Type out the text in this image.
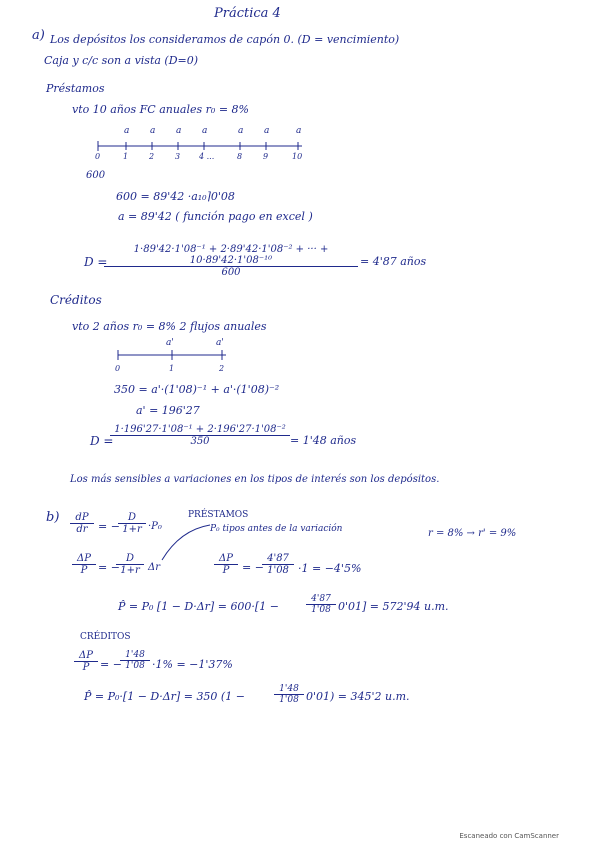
Práctica 4
a) Los depósitos los consideramos de capón 0. (D = vencimiento)
Caja y c/c son a vista (D=0)
Préstamos
vto 10 años FC anuales r₀ = 8%
a a a a	a a	a
0	1	2	3 4 ...	8	9	10
600
600 = 89'42 ·a₁₀⌉0'08
a = 89'42 ( función pago en excel )
D =
$\frac{\text{1·89'42·1'08⁻¹ + 2·89'42·1'08⁻² + ··· + 10·89'42·1'08⁻¹⁰}}{600} = 4'87$ años
Créditos
vto 2 años r₀ = 8% 2 flujos anuales
a'	a'
0	1	2
350 = a'·(1'08)⁻¹ + a'·(1'08)⁻²
a' = 196'27
D =
$\frac{\text{1·196'27·1'08⁻¹ + 2·196'27·1'08⁻²}}{350} = 1'48$ años
Los más sensibles a variaciones en los tipos de interés son los depósitos.
$b) \frac{dP}{dr}$ = −
$\frac{D}{1+r} \cdot P_0$
PRÉSTAMOS
P₀ tipos antes de la variación	r = 8% → r' = 9%
$\frac{\Delta P}{P}$ = −
$\frac{D}{1+r}$ Δr	$\frac{\Delta P}{P}$ = −
$\frac{4'87}{1'08} \cdot 1 = -4'5\%$
P̂ = P₀ [1 − D·Δr] = 600·[1 −	$\frac{4'87}{1'08} 0'01] = 572'94$ u.m.
CRÉDITOS
$\frac{\Delta P}{P}$ = −
$\frac{1'48}{1'08} \cdot 1\% = -1'37\%$
P̂ = P₀·[1 − D·Δr] = 350 (1 −	$\frac{1'48}{1'08} 0'01) = 345'2$ u.m.
Escaneado con CamScanner
